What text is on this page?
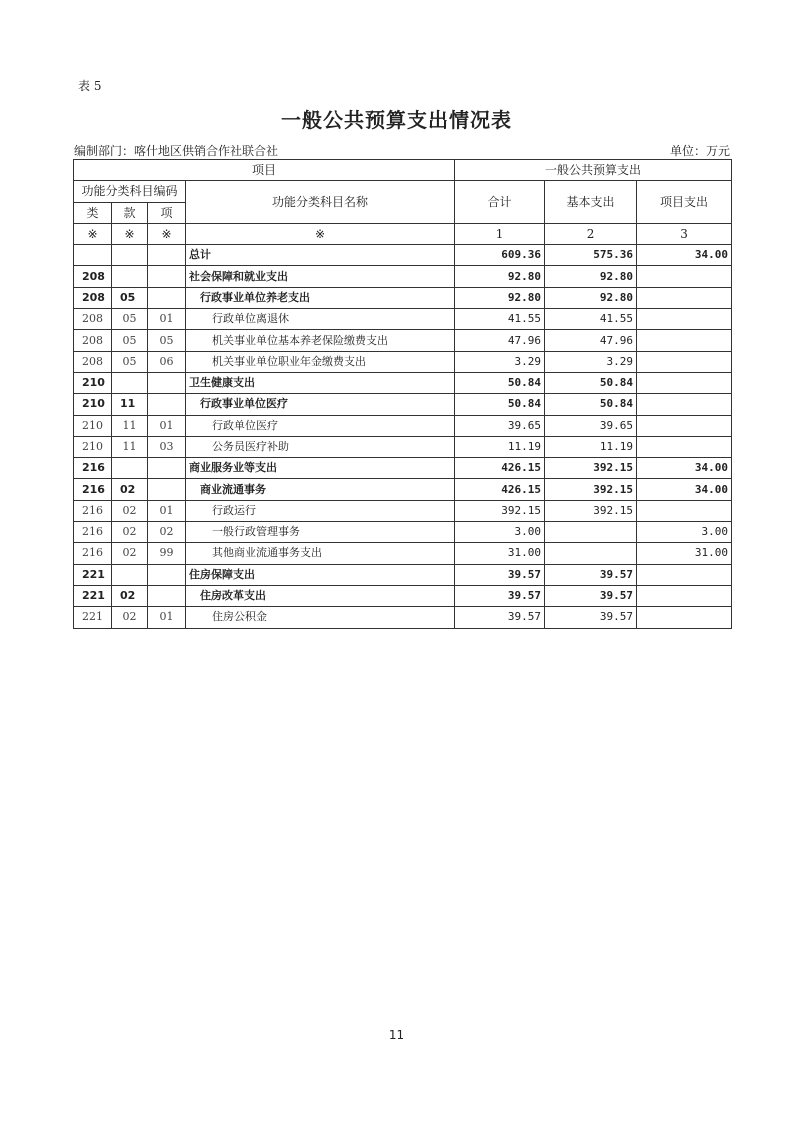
表 5
一般公共预算支出情况表
编制部门：喀什地区供销合作社联合社	单位：万元
项目				一般公共预算支出		
功能分类科目编码			功能分类科目名称	合计	基本支出	项目支出
类	款	项				
※	※	※	※	1	2	3
			总计	609.36	575.36	34.00
208			社会保障和就业支出	92.80	92.80	
208	05		行政事业单位养老支出	92.80	92.80	
208	05	01	行政单位离退休	41.55	41.55	
208	05	05	机关事业单位基本养老保险缴费支出	47.96	47.96	
208	05	06	机关事业单位职业年金缴费支出	3.29	3.29	
210			卫生健康支出	50.84	50.84	
210	11		行政事业单位医疗	50.84	50.84	
210	11	01	行政单位医疗	39.65	39.65	
210	11	03	公务员医疗补助	11.19	11.19	
216			商业服务业等支出	426.15	392.15	34.00
216	02		商业流通事务	426.15	392.15	34.00
216	02	01	行政运行	392.15	392.15	
216	02	02	一般行政管理事务	3.00		3.00
216	02	99	其他商业流通事务支出	31.00		31.00
221			住房保障支出	39.57	39.57	
221	02		住房改革支出	39.57	39.57	
221	02	01	住房公积金	39.57	39.57	
11
